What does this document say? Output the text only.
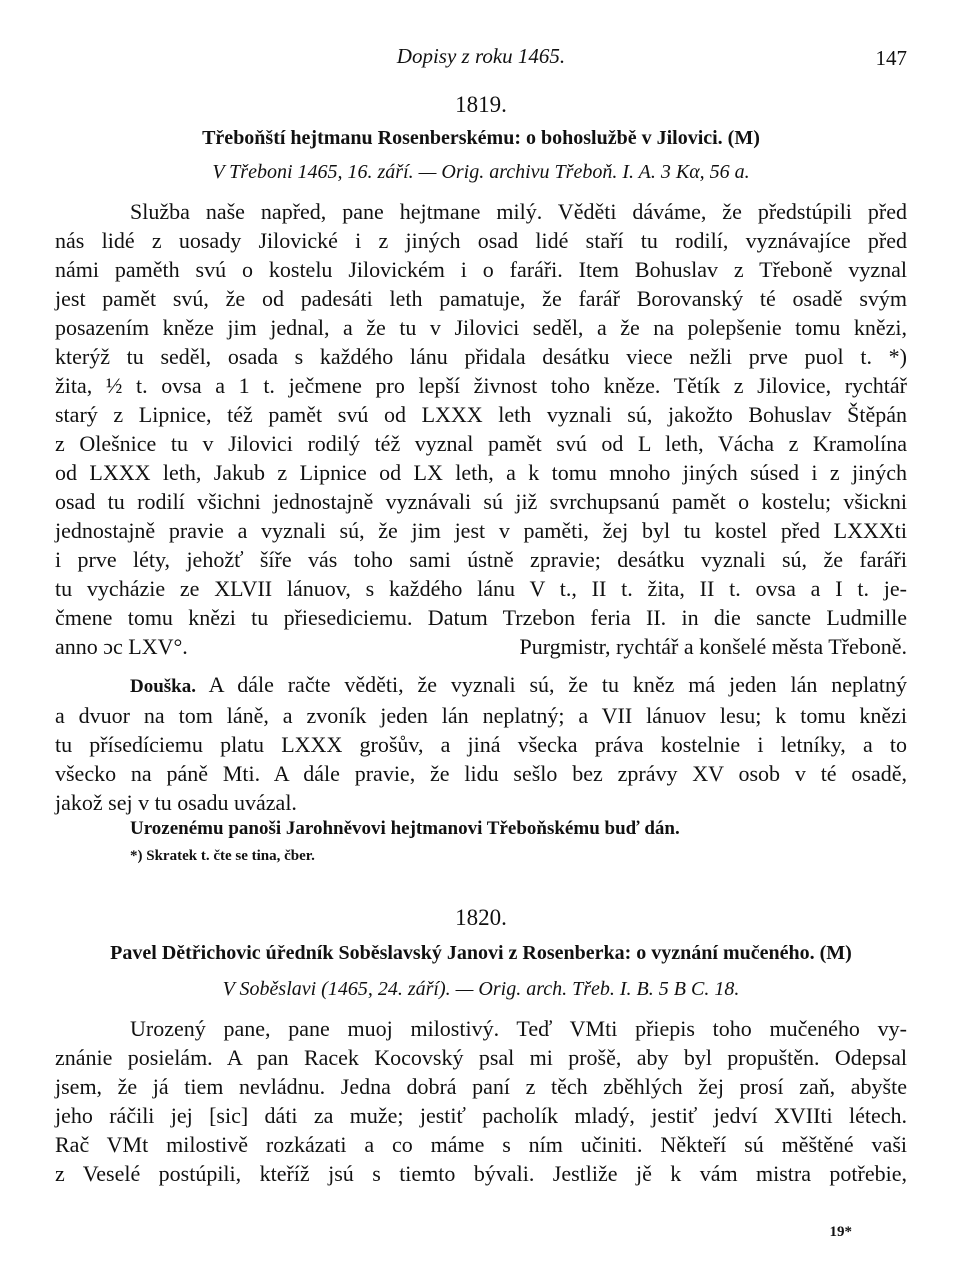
Dopisy z roku 1465.	147

1819.

Třeboňští hejtmanu Rosenberskému: o bohoslužbě v Jilovici. (M)

V Třeboni 1465, 16. září. — Orig. archivu Třeboň. I. A. 3 Kα, 56 a.

Služba naše napřed, pane hejtmane milý. Věděti dáváme, že předstúpili před
nás lidé z uosady Jilovické i z jiných osad lidé staří tu rodilí, vyznávajíce před
námi paměth svú o kostelu Jilovickém i o faráři. Item Bohuslav z Třeboně vyznal
jest pamět svú, že od padesáti leth pamatuje, že farář Borovanský té osadě svým
posazením kněze jim jednal, a že tu v Jilovici seděl, a že na polepšenie tomu knězi,
kterýž tu seděl, osada s každého lánu přidala desátku viece nežli prve puol t. *)
žita, ½ t. ovsa a 1 t. ječmene pro lepší živnost toho kněze. Tětík z Jilovice, rychtář
starý z Lipnice, též pamět svú od LXXX leth vyznali sú, jakožto Bohuslav Štěpán
z Olešnice tu v Jilovici rodilý též vyznal pamět svú od L leth, Vácha z Kramolína
od LXXX leth, Jakub z Lipnice od LX leth, a k tomu mnoho jiných súsed i z jiných
osad tu rodilí všichni jednostajně vyznávali sú již svrchupsanú pamět o kostelu; všickni
jednostajně pravie a vyznali sú, že jim jest v paměti, žej byl tu kostel před LXXXti
i prve léty, jehožť šíře vás toho sami ústně zpravie; desátku vyznali sú, že faráři
tu vycházie ze XLVII lánuov, s každého lánu V t., II t. žita, II t. ovsa a I t. je-
čmene tomu knězi tu přiesediciemu. Datum Trzebon feria II. in die sancte Ludmille
anno ɔc LXV°.	Purgmistr, rychtář a konšelé města Třeboně.
Douška. A dále račte věděti, že vyznali sú, že tu kněz má jeden lán neplatný
a dvuor na tom láně, a zvoník jeden lán neplatný; a VII lánuov lesu; k tomu knězi
tu přísedíciemu platu LXXX grošův, a jiná všecka práva kostelnie i letníky, a to
všecko na páně Mti. A dále pravie, že lidu sešlo bez zprávy XV osob v té osadě,
jakož sej v tu osadu uvázal.

Urozenému panoši Jarohněvovi hejtmanovi Třeboňskému buď dán.

*) Skratek t. čte se tina, čber.

1820.

Pavel Dětřichovic úředník Soběslavský Janovi z Rosenberka: o vyznání mučeného. (M)

V Soběslavi (1465, 24. září). — Orig. arch. Třeb. I. B. 5 B C. 18.

Urozený pane, pane muoj milostivý. Teď VMti přiepis toho mučeného vy-
znánie posielám. A pan Racek Kocovský psal mi prošě, aby byl propuštěn. Odepsal
jsem, že já tiem nevládnu. Jedna dobrá paní z těch zběhlých žej prosí zaň, abyšte
jeho ráčili jej [sic] dáti za muže; jestiť pacholík mladý, jestiť jedví XVIIti létech.
Rač VMt milostivě rozkázati a co máme s ním učiniti. Někteří sú měštěné vaši
z Veselé postúpili, kteříž jsú s tiemto bývali. Jestliže jě k vám mistra potřebie,
19*
